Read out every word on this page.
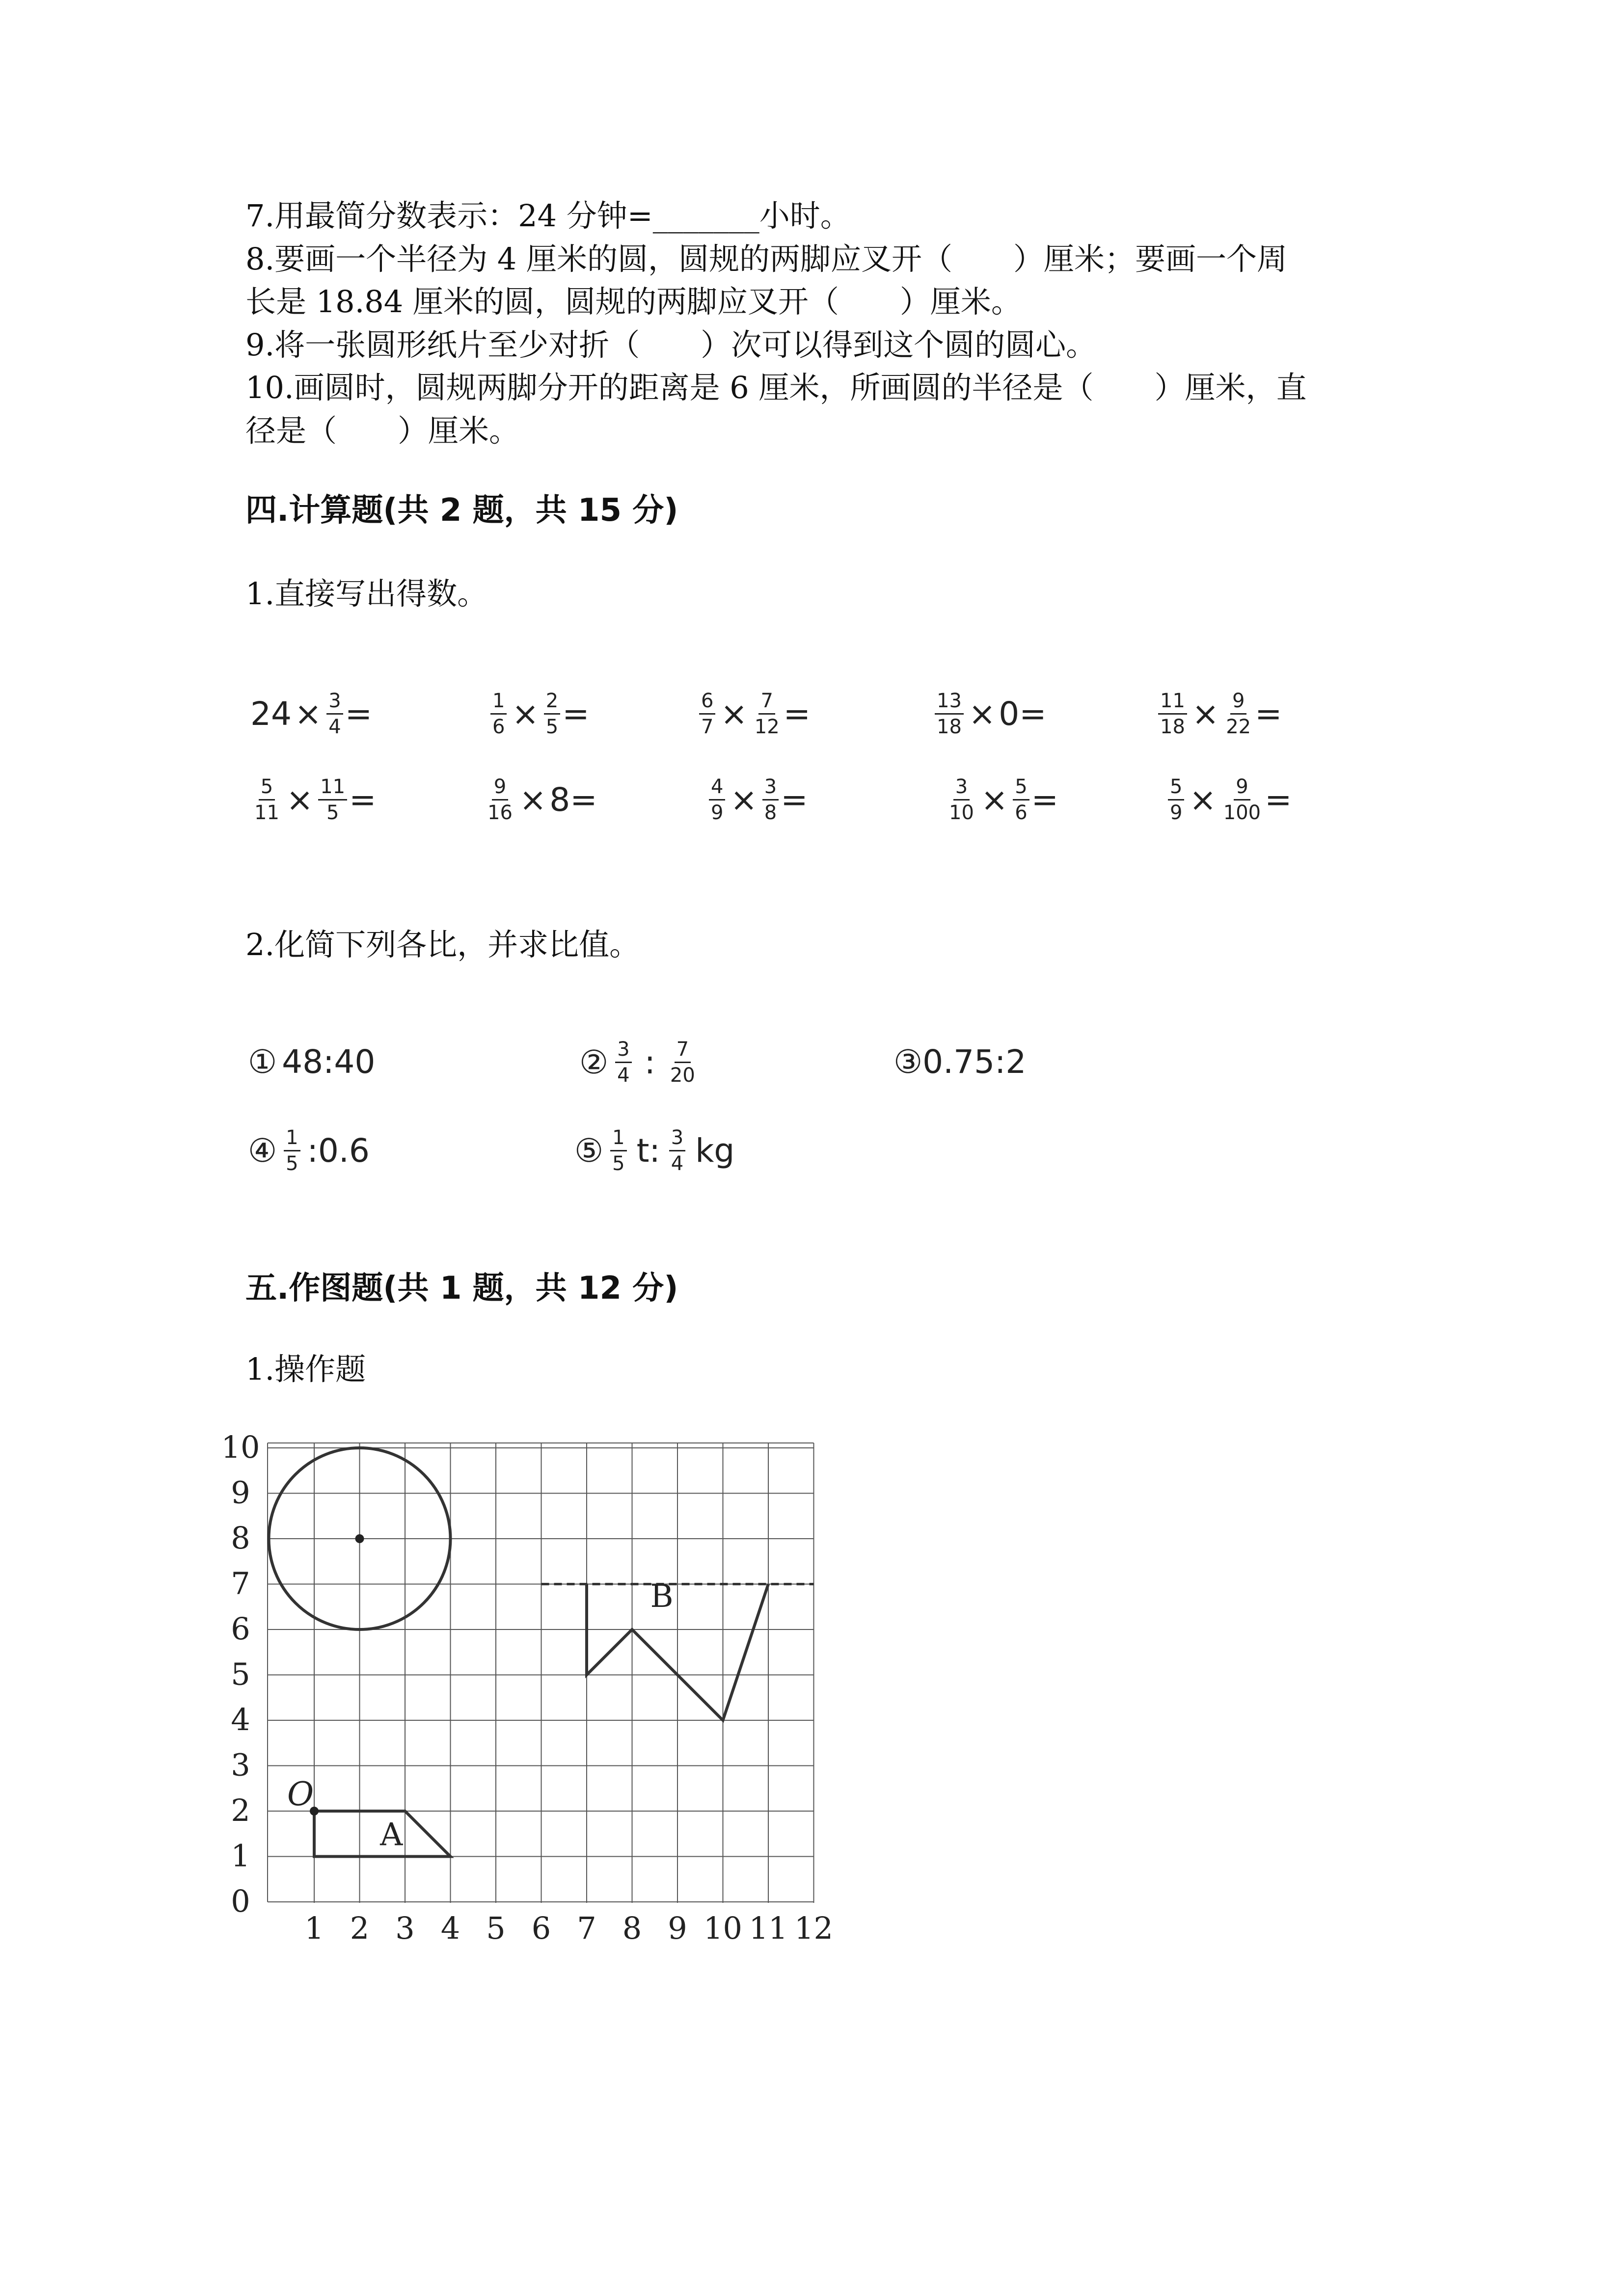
7.用最简分数表示：24 分钟=_______小时。
8.要画一个半径为 4 厘米的圆，圆规的两脚应叉开（　　）厘米；要画一个周
长是 18.84 厘米的圆，圆规的两脚应叉开（　　）厘米。
9.将一张圆形纸片至少对折（　　）次可以得到这个圆的圆心。
10.画圆时，圆规两脚分开的距离是 6 厘米，所画圆的半径是（　　）厘米，直
径是（　　）厘米。
四.计算题(共 2 题，共 15 分)
1.直接写出得数。
$24 \times \frac{3}{4}$ =	$\frac{1}{6} \times \frac{2}{5}$ =	$\frac{6}{7} \times \frac{7}{12}$ =	$\frac{13}{18} \times 0$ =	$\frac{11}{18} \times \frac{9}{22}$ =
$\frac{5}{11} \times \frac{11}{5}$ =	$\frac{9}{16} \times 8$ =	$\frac{4}{9} \times \frac{3}{8}$ =	$\frac{3}{10} \times \frac{5}{6}$ =	$\frac{5}{9} \times \frac{9}{100}$ =
2.化简下列各比，并求比值。
① 48:40	② $\frac{3}{4}$ : $\frac{7}{20}$	③ 0.75:2
④ $\frac{1}{5}$ :0.6	⑤ $\frac{1}{5} t$: $\frac{3}{4}$ kg
五.作图题(共 1 题，共 12 分)
1.操作题
1 2 3 4 5 6 7 8 9 10 11 12
0
1
2
3
4
5
6
7
8
9
10
O
A
B
